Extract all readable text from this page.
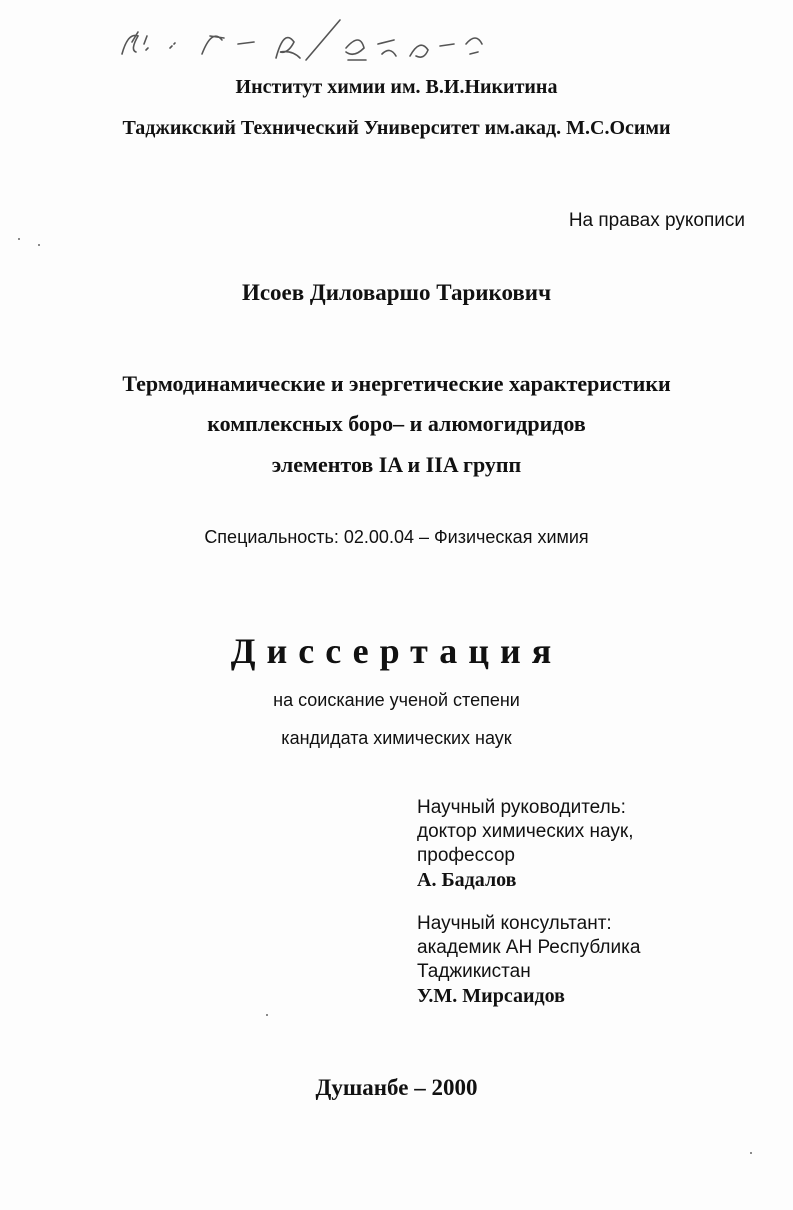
Институт химии им. В.И.Никитина
Таджикский Технический Университет им.акад. М.С.Осими
На правах рукописи
Исоев Диловаршо Тарикович
Термодинамические и энергетические характеристики
комплексных боро– и алюмогидридов
элементов IA и IIA групп
Специальность: 02.00.04 – Физическая химия
Диссертация
на соискание ученой степени
кандидата химических наук
Научный руководитель:
доктор химических наук,
профессор
А. Бадалов
Научный консультант:
академик АН Республика
Таджикистан
У.М. Мирсаидов
Душанбе – 2000
